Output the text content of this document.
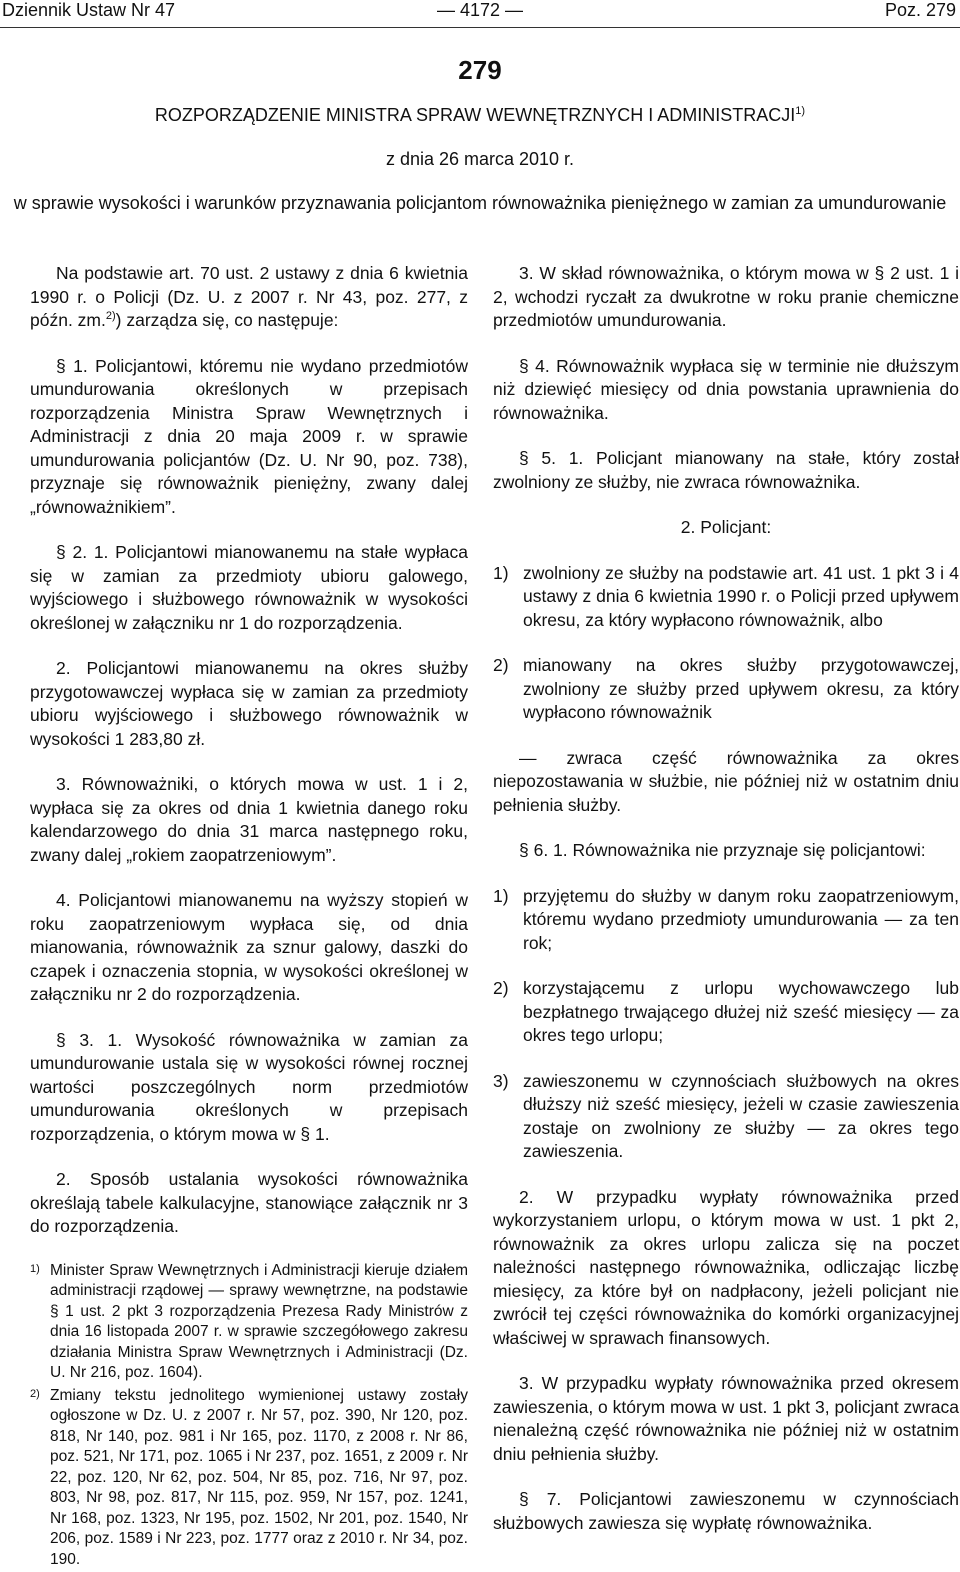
— 4172 —
Dziennik Ustaw Nr 47	Poz. 279
279
ROZPORZĄDZENIE MINISTRA SPRAW WEWNĘTRZNYCH I ADMINISTRACJI$^{1)}$
z dnia 26 marca 2010 r.
w sprawie wysokości i warunków przyznawania policjantom równoważnika pieniężnego w zamian za umundurowanie

Na podstawie art. 70 ust. 2 ustawy z dnia 6 kwietnia 1990 r. o Policji (Dz. U. z 2007 r. Nr 43, poz. 277, z późn. zm.$^{2)}$) zarządza się, co następuje:

§ 1. Policjantowi, któremu nie wydano przedmiotów umundurowania określonych w przepisach rozporządzenia Ministra Spraw Wewnętrznych i Administracji z dnia 20 maja 2009 r. w sprawie umundurowania policjantów (Dz. U. Nr 90, poz. 738), przyznaje się równoważnik pieniężny, zwany dalej „równoważnikiem”.

§ 2. 1. Policjantowi mianowanemu na stałe wypłaca się w zamian za przedmioty ubioru galowego, wyjściowego i służbowego równoważnik w wysokości określonej w załączniku nr 1 do rozporządzenia.

2. Policjantowi mianowanemu na okres służby przygotowawczej wypłaca się w zamian za przedmioty ubioru wyjściowego i służbowego równoważnik w wysokości 1 283,80 zł.

3. Równoważniki, o których mowa w ust. 1 i 2, wypłaca się za okres od dnia 1 kwietnia danego roku kalendarzowego do dnia 31 marca następnego roku, zwany dalej „rokiem zaopatrzeniowym”.

4. Policjantowi mianowanemu na wyższy stopień w roku zaopatrzeniowym wypłaca się, od dnia mianowania, równoważnik za sznur galowy, daszki do czapek i oznaczenia stopnia, w wysokości określonej w załączniku nr 2 do rozporządzenia.

§ 3. 1. Wysokość równoważnika w zamian za umundurowanie ustala się w wysokości równej rocznej wartości poszczególnych norm przedmiotów umundurowania określonych w przepisach rozporządzenia, o którym mowa w § 1.

2. Sposób ustalania wysokości równoważnika określają tabele kalkulacyjne, stanowiące załącznik nr 3 do rozporządzenia.

1) Minister Spraw Wewnętrznych i Administracji kieruje działem administracji rządowej — sprawy wewnętrzne, na podstawie § 1 ust. 2 pkt 3 rozporządzenia Prezesa Rady Ministrów z dnia 16 listopada 2007 r. w sprawie szczegółowego zakresu działania Ministra Spraw Wewnętrznych i Administracji (Dz. U. Nr 216, poz. 1604).
2) Zmiany tekstu jednolitego wymienionej ustawy zostały ogłoszone w Dz. U. z 2007 r. Nr 57, poz. 390, Nr 120, poz. 818, Nr 140, poz. 981 i Nr 165, poz. 1170, z 2008 r. Nr 86, poz. 521, Nr 171, poz. 1065 i Nr 237, poz. 1651, z 2009 r. Nr 22, poz. 120, Nr 62, poz. 504, Nr 85, poz. 716, Nr 97, poz. 803, Nr 98, poz. 817, Nr 115, poz. 959, Nr 157, poz. 1241, Nr 168, poz. 1323, Nr 195, poz. 1502, Nr 201, poz. 1540, Nr 206, poz. 1589 i Nr 223, poz. 1777 oraz z 2010 r. Nr 34, poz. 190.

3. W skład równoważnika, o którym mowa w § 2 ust. 1 i 2, wchodzi ryczałt za dwukrotne w roku pranie chemiczne przedmiotów umundurowania.

§ 4. Równoważnik wypłaca się w terminie nie dłuższym niż dziewięć miesięcy od dnia powstania uprawnienia do równoważnika.

§ 5. 1. Policjant mianowany na stałe, który został zwolniony ze służby, nie zwraca równoważnika.

2. Policjant:

1) zwolniony ze służby na podstawie art. 41 ust. 1 pkt 3 i 4 ustawy z dnia 6 kwietnia 1990 r. o Policji przed upływem okresu, za który wypłacono równoważnik, albo
2) mianowany na okres służby przygotowawczej, zwolniony ze służby przed upływem okresu, za który wypłacono równoważnik

— zwraca część równoważnika za okres niepozostawania w służbie, nie później niż w ostatnim dniu pełnienia służby.

§ 6. 1. Równoważnika nie przyznaje się policjantowi:

1) przyjętemu do służby w danym roku zaopatrzeniowym, któremu wydano przedmioty umundurowania — za ten rok;
2) korzystającemu z urlopu wychowawczego lub bezpłatnego trwającego dłużej niż sześć miesięcy — za okres tego urlopu;
3) zawieszonemu w czynnościach służbowych na okres dłuższy niż sześć miesięcy, jeżeli w czasie zawieszenia zostaje on zwolniony ze służby — za okres tego zawieszenia.

2. W przypadku wypłaty równoważnika przed wykorzystaniem urlopu, o którym mowa w ust. 1 pkt 2, równoważnik za okres urlopu zalicza się na poczet należności następnego równoważnika, odliczając liczbę miesięcy, za które był on nadpłacony, jeżeli policjant nie zwrócił tej części równoważnika do komórki organizacyjnej właściwej w sprawach finansowych.

3. W przypadku wypłaty równoważnika przed okresem zawieszenia, o którym mowa w ust. 1 pkt 3, policjant zwraca nienależną część równoważnika nie później niż w ostatnim dniu pełnienia służby.

§ 7. Policjantowi zawieszonemu w czynnościach służbowych zawiesza się wypłatę równoważnika.
